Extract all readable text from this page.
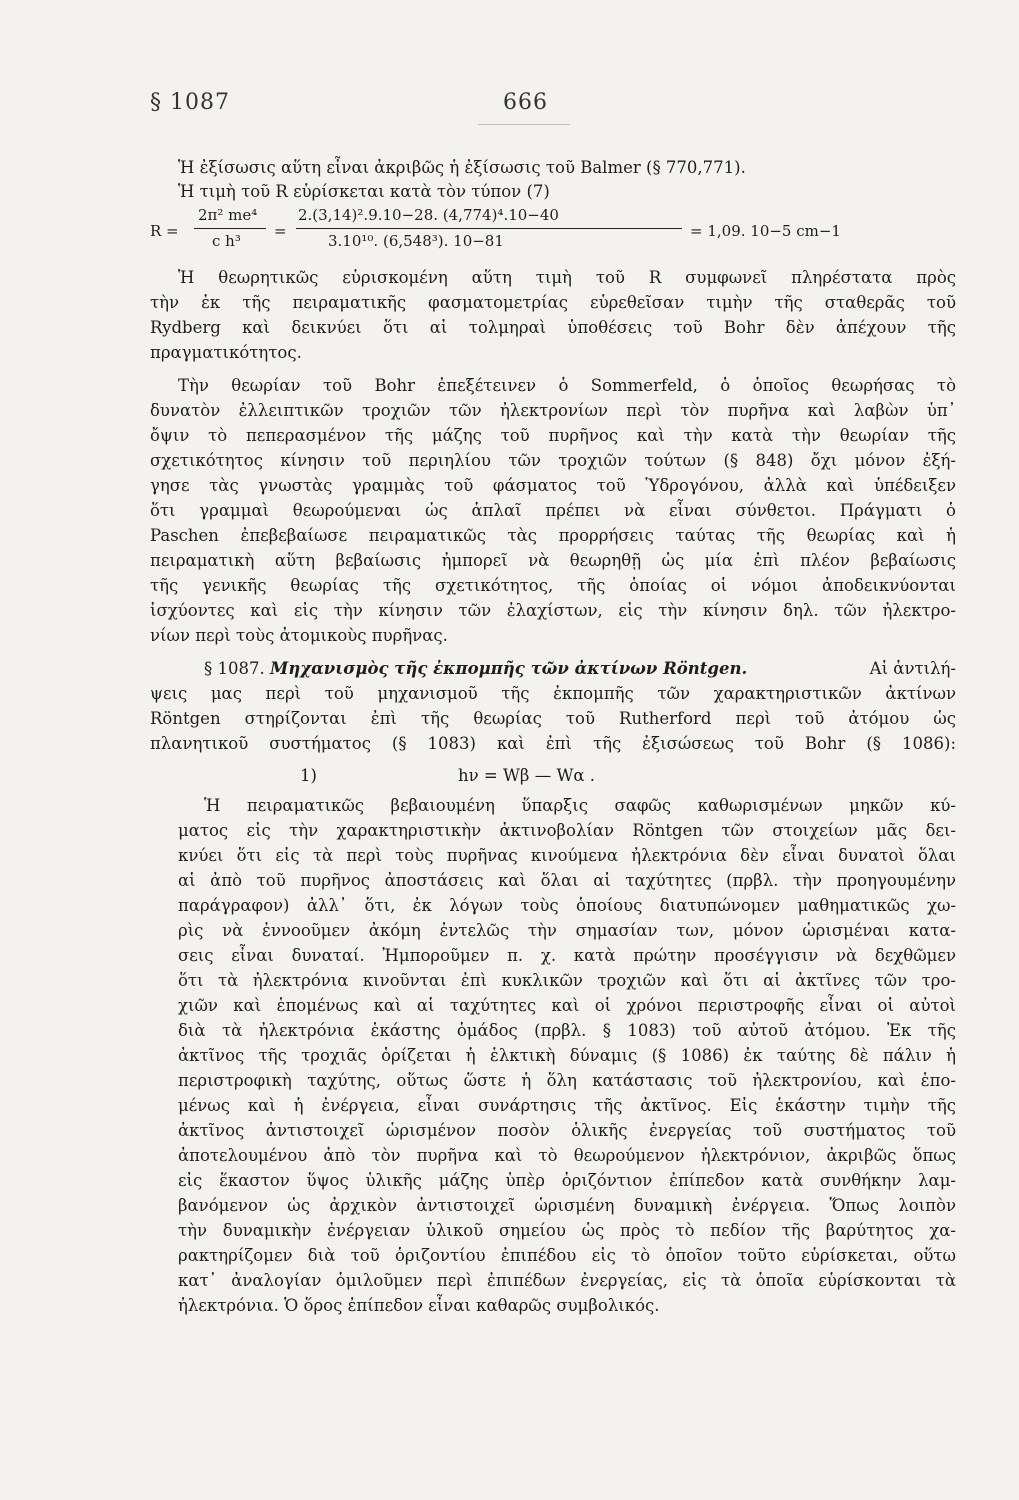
§ 1087	666
Ἡ ἐξίσωσις αὕτη εἶναι ἀκριβῶς ἡ ἐξίσωσις τοῦ Balmer (§ 770,771).
Ἡ τιμὴ τοῦ R εὑρίσκεται κατὰ τὸν τύπον (7)
R =
2π² me⁴
c h³
=
2.(3,14)².9.10−28. (4,774)⁴.10−40
3.10¹⁰. (6,548³). 10−81
= 1,09. 10−5 cm−1
Ἡ θεωρητικῶς εὑρισκομένη αὕτη τιμὴ τοῦ R συμφωνεῖ πληρέστατα πρὸς
τὴν ἐκ τῆς πειραματικῆς φασματομετρίας εὑρεθεῖσαν τιμὴν τῆς σταθερᾶς τοῦ
Rydberg καὶ δεικνύει ὅτι αἱ τολμηραὶ ὑποθέσεις τοῦ Bohr δὲν ἀπέχουν τῆς
πραγματικότητος.
Τὴν θεωρίαν τοῦ Bohr ἐπεξέτεινεν ὁ Sommerfeld, ὁ ὁποῖος θεωρήσας τὸ
δυνατὸν ἐλλειπτικῶν τροχιῶν τῶν ἠλεκτρονίων περὶ τὸν πυρῆνα καὶ λαβὼν ὑπ᾽
ὄψιν τὸ πεπερασμένον τῆς μάζης τοῦ πυρῆνος καὶ τὴν κατὰ τὴν θεωρίαν τῆς
σχετικότητος κίνησιν τοῦ περιηλίου τῶν τροχιῶν τούτων (§ 848) ὄχι μόνον ἐξή-
γησε τὰς γνωστὰς γραμμὰς τοῦ φάσματος τοῦ Ὑδρογόνου, ἀλλὰ καὶ ὑπέδειξεν
ὅτι γραμμαὶ θεωρούμεναι ὡς ἁπλαῖ πρέπει νὰ εἶναι σύνθετοι. Πράγματι ὁ
Paschen ἐπεβεβαίωσε πειραματικῶς τὰς προρρήσεις ταύτας τῆς θεωρίας καὶ ἡ
πειραματικὴ αὕτη βεβαίωσις ἠμπορεῖ νὰ θεωρηθῇ ὡς μία ἐπὶ πλέον βεβαίωσις
τῆς γενικῆς θεωρίας τῆς σχετικότητος, τῆς ὁποίας οἱ νόμοι ἀποδεικνύονται
ἰσχύοντες καὶ εἰς τὴν κίνησιν τῶν ἐλαχίστων, εἰς τὴν κίνησιν δηλ. τῶν ἠλεκτρο-
νίων περὶ τοὺς ἀτομικοὺς πυρῆνας.
§ 1087. Μηχανισμὸς τῆς ἐκπομπῆς τῶν ἀκτίνων Röntgen.	Αἱ ἀντιλή-
ψεις μας περὶ τοῦ μηχανισμοῦ τῆς ἐκπομπῆς τῶν χαρακτηριστικῶν ἀκτίνων
Röntgen στηρίζονται ἐπὶ τῆς θεωρίας τοῦ Rutherford περὶ τοῦ ἀτόμου ὡς
πλανητικοῦ συστήματος (§ 1083) καὶ ἐπὶ τῆς ἐξισώσεως τοῦ Bohr (§ 1086):
1)	hν = Wβ — Wα .
Ἡ πειραματικῶς βεβαιουμένη ὕπαρξις σαφῶς καθωρισμένων μηκῶν κύ-
ματος εἰς τὴν χαρακτηριστικὴν ἀκτινοβολίαν Röntgen τῶν στοιχείων μᾶς δει-
κνύει ὅτι εἰς τὰ περὶ τοὺς πυρῆνας κινούμενα ἠλεκτρόνια δὲν εἶναι δυνατοὶ ὅλαι
αἱ ἀπὸ τοῦ πυρῆνος ἀποστάσεις καὶ ὅλαι αἱ ταχύτητες (πρβλ. τὴν προηγουμένην
παράγραφον) ἀλλ᾽ ὅτι, ἐκ λόγων τοὺς ὁποίους διατυπώνομεν μαθηματικῶς χω-
ρὶς νὰ ἐννοοῦμεν ἀκόμη ἐντελῶς τὴν σημασίαν των, μόνον ὡρισμέναι κατα-
σεις εἶναι δυναταί. Ἠμποροῦμεν π. χ. κατὰ πρώτην προσέγγισιν νὰ δεχθῶμεν
ὅτι τὰ ἠλεκτρόνια κινοῦνται ἐπὶ κυκλικῶν τροχιῶν καὶ ὅτι αἱ ἀκτῖνες τῶν τρο-
χιῶν καὶ ἑπομένως καὶ αἱ ταχύτητες καὶ οἱ χρόνοι περιστροφῆς εἶναι οἱ αὐτοὶ
διὰ τὰ ἠλεκτρόνια ἑκάστης ὁμάδος (πρβλ. § 1083) τοῦ αὐτοῦ ἀτόμου. Ἐκ τῆς
ἀκτῖνος τῆς τροχιᾶς ὁρίζεται ἡ ἑλκτικὴ δύναμις (§ 1086) ἐκ ταύτης δὲ πάλιν ἡ
περιστροφικὴ ταχύτης, οὕτως ὥστε ἡ ὅλη κατάστασις τοῦ ἠλεκτρονίου, καὶ ἑπο-
μένως καὶ ἡ ἐνέργεια, εἶναι συνάρτησις τῆς ἀκτῖνος. Εἰς ἑκάστην τιμὴν τῆς
ἀκτῖνος ἀντιστοιχεῖ ὡρισμένον ποσὸν ὁλικῆς ἐνεργείας τοῦ συστήματος τοῦ
ἀποτελουμένου ἀπὸ τὸν πυρῆνα καὶ τὸ θεωρούμενον ἠλεκτρόνιον, ἀκριβῶς ὅπως
εἰς ἕκαστον ὕψος ὑλικῆς μάζης ὑπὲρ ὁριζόντιον ἐπίπεδον κατὰ συνθήκην λαμ-
βανόμενον ὡς ἀρχικὸν ἀντιστοιχεῖ ὡρισμένη δυναμικὴ ἐνέργεια. Ὅπως λοιπὸν
τὴν δυναμικὴν ἐνέργειαν ὑλικοῦ σημείου ὡς πρὸς τὸ πεδίον τῆς βαρύτητος χα-
ρακτηρίζομεν διὰ τοῦ ὁριζοντίου ἐπιπέδου εἰς τὸ ὁποῖον τοῦτο εὑρίσκεται, οὕτω
κατ᾽ ἀναλογίαν ὁμιλοῦμεν περὶ ἐπιπέδων ἐνεργείας, εἰς τὰ ὁποῖα εὑρίσκονται τὰ
ἠλεκτρόνια. Ὁ ὅρος ἐπίπεδον εἶναι καθαρῶς συμβολικός.
